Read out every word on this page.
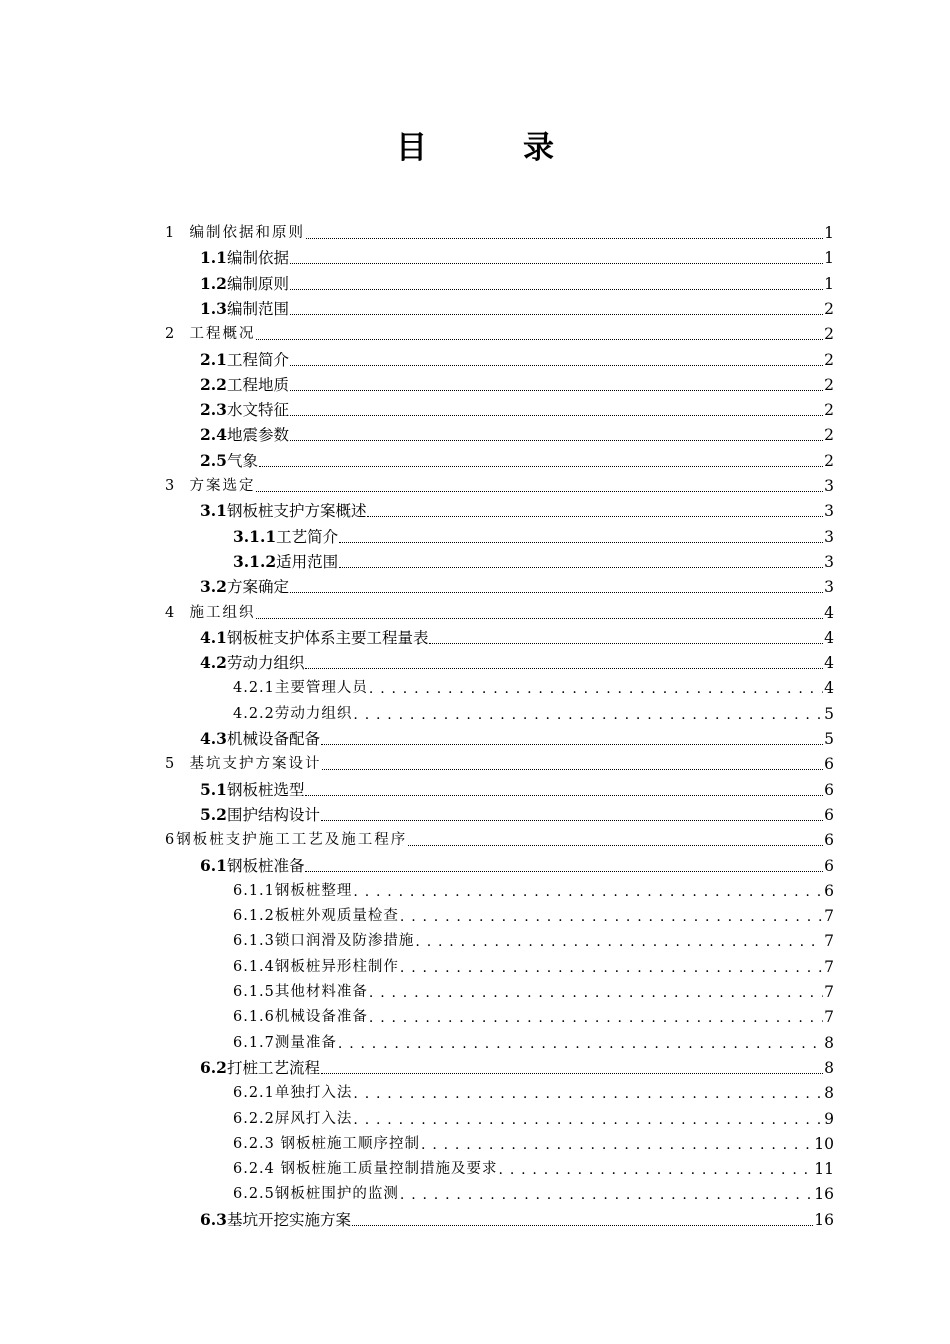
目	录
1 编制依据和原则	1
1.1编制依据	1
1.2编制原则	1
1.3编制范围	2
2 工程概况	2
2.1工程简介	2
2.2工程地质	2
2.3水文特征	2
2.4地震参数	2
2.5气象	2
3 方案选定	3
3.1钢板桩支护方案概述	3
3.1.1工艺简介	3
3.1.2适用范围	3
3.2方案确定	3
4 施工组织	4
4.1钢板桩支护体系主要工程量表	4
4.2劳动力组织	4
4.2.1主要管理人员 . . .	4
4.2.2劳动力组织 . . .	5
4.3机械设备配备	5
5 基坑支护方案设计	6
5.1钢板桩选型	6
5.2围护结构设计	6
6钢板桩支护施工工艺及施工程序	6
6.1钢板桩准备	6
6.1.1钢板桩整理 . . .	6
6.1.2板桩外观质量检查 . . .	7
6.1.3锁口润滑及防渗措施 . . .	7
6.1.4钢板桩异形柱制作 . . .	7
6.1.5其他材料准备 . . .	7
6.1.6机械设备准备 . . .	7
6.1.7测量准备 . . .	8
6.2打桩工艺流程	8
6.2.1单独打入法 . . .	8
6.2.2屏风打入法 . . .	9
6.2.3 钢板桩施工顺序控制 . . .	10
6.2.4 钢板桩施工质量控制措施及要求 . . .	11
6.2.5钢板桩围护的监测 . . .	16
6.3基坑开挖实施方案	16
